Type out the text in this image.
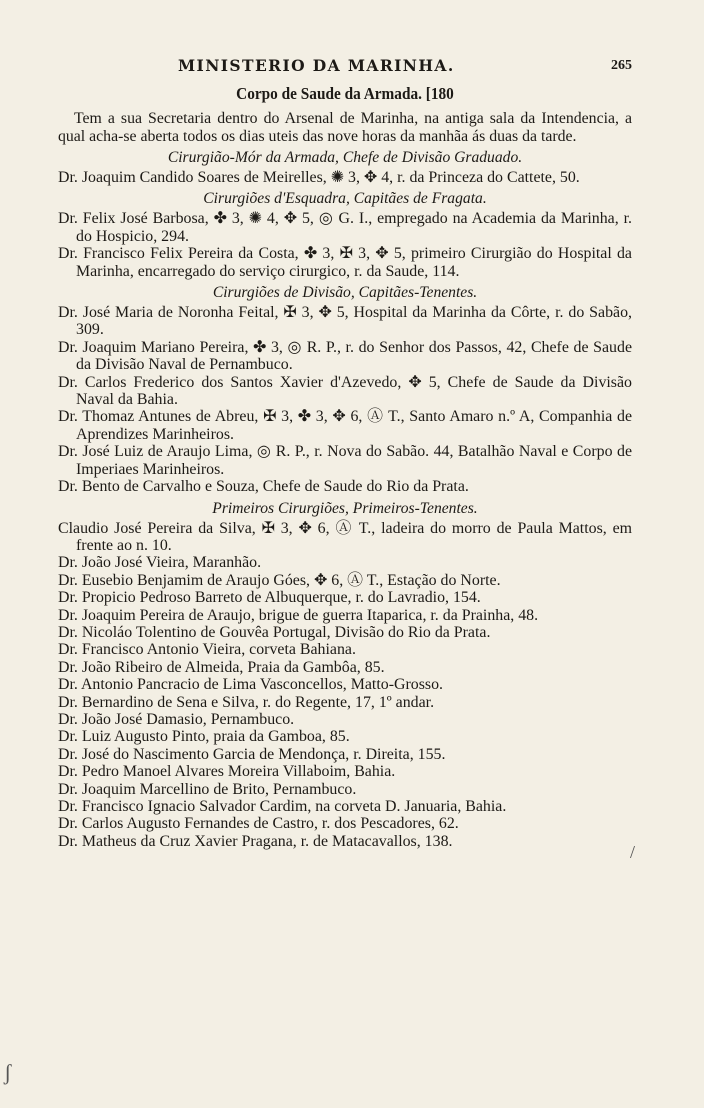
MINISTERIO DA MARINHA.	265
Corpo de Saude da Armada. [180

Tem a sua Secretaria dentro do Arsenal de Marinha, na antiga sala da Intendencia, a qual acha-se aberta todos os dias uteis das nove horas da manhãa ás duas da tarde.

Cirurgião-Mór da Armada, Chefe de Divisão Graduado.

Dr. Joaquim Candido Soares de Meirelles, ✺ 3, ✥ 4, r. da Princeza do Cattete, 50.

Cirurgiões d'Esquadra, Capitães de Fragata.

Dr. Felix José Barbosa, ✤ 3, ✺ 4, ✥ 5, ◎ G. I., empregado na Academia da Marinha, r. do Hospicio, 294.

Dr. Francisco Felix Pereira da Costa, ✤ 3, ✠ 3, ✥ 5, primeiro Cirurgião do Hospital da Marinha, encarregado do serviço cirurgico, r. da Saude, 114.

Cirurgiões de Divisão, Capitães-Tenentes.

Dr. José Maria de Noronha Feital, ✠ 3, ✥ 5, Hospital da Marinha da Côrte, r. do Sabão, 309.

Dr. Joaquim Mariano Pereira, ✤ 3, ◎ R. P., r. do Senhor dos Passos, 42, Chefe de Saude da Divisão Naval de Pernambuco.

Dr. Carlos Frederico dos Santos Xavier d'Azevedo, ✥ 5, Chefe de Saude da Divisão Naval da Bahia.

Dr. Thomaz Antunes de Abreu, ✠ 3, ✤ 3, ✥ 6, Ⓐ T., Santo Amaro n.º A, Companhia de Aprendizes Marinheiros.

Dr. José Luiz de Araujo Lima, ◎ R. P., r. Nova do Sabão. 44, Batalhão Naval e Corpo de Imperiaes Marinheiros.

Dr. Bento de Carvalho e Souza, Chefe de Saude do Rio da Prata.

Primeiros Cirurgiões, Primeiros-Tenentes.

Claudio José Pereira da Silva, ✠ 3, ✥ 6, Ⓐ T., ladeira do morro de Paula Mattos, em frente ao n. 10.

Dr. João José Vieira, Maranhão.

Dr. Eusebio Benjamim de Araujo Góes, ✥ 6, Ⓐ T., Estação do Norte.

Dr. Propicio Pedroso Barreto de Albuquerque, r. do Lavradio, 154.

Dr. Joaquim Pereira de Araujo, brigue de guerra Itaparica, r. da Prainha, 48.

Dr. Nicoláo Tolentino de Gouvêa Portugal, Divisão do Rio da Prata.

Dr. Francisco Antonio Vieira, corveta Bahiana.

Dr. João Ribeiro de Almeida, Praia da Gambôa, 85.

Dr. Antonio Pancracio de Lima Vasconcellos, Matto-Grosso.

Dr. Bernardino de Sena e Silva, r. do Regente, 17, 1º andar.

Dr. João José Damasio, Pernambuco.

Dr. Luiz Augusto Pinto, praia da Gamboa, 85.

Dr. José do Nascimento Garcia de Mendonça, r. Direita, 155.

Dr. Pedro Manoel Alvares Moreira Villaboim, Bahia.

Dr. Joaquim Marcellino de Brito, Pernambuco.

Dr. Francisco Ignacio Salvador Cardim, na corveta D. Januaria, Bahia.

Dr. Carlos Augusto Fernandes de Castro, r. dos Pescadores, 62.

Dr. Matheus da Cruz Xavier Pragana, r. de Matacavallos, 138.

/
ʃ
